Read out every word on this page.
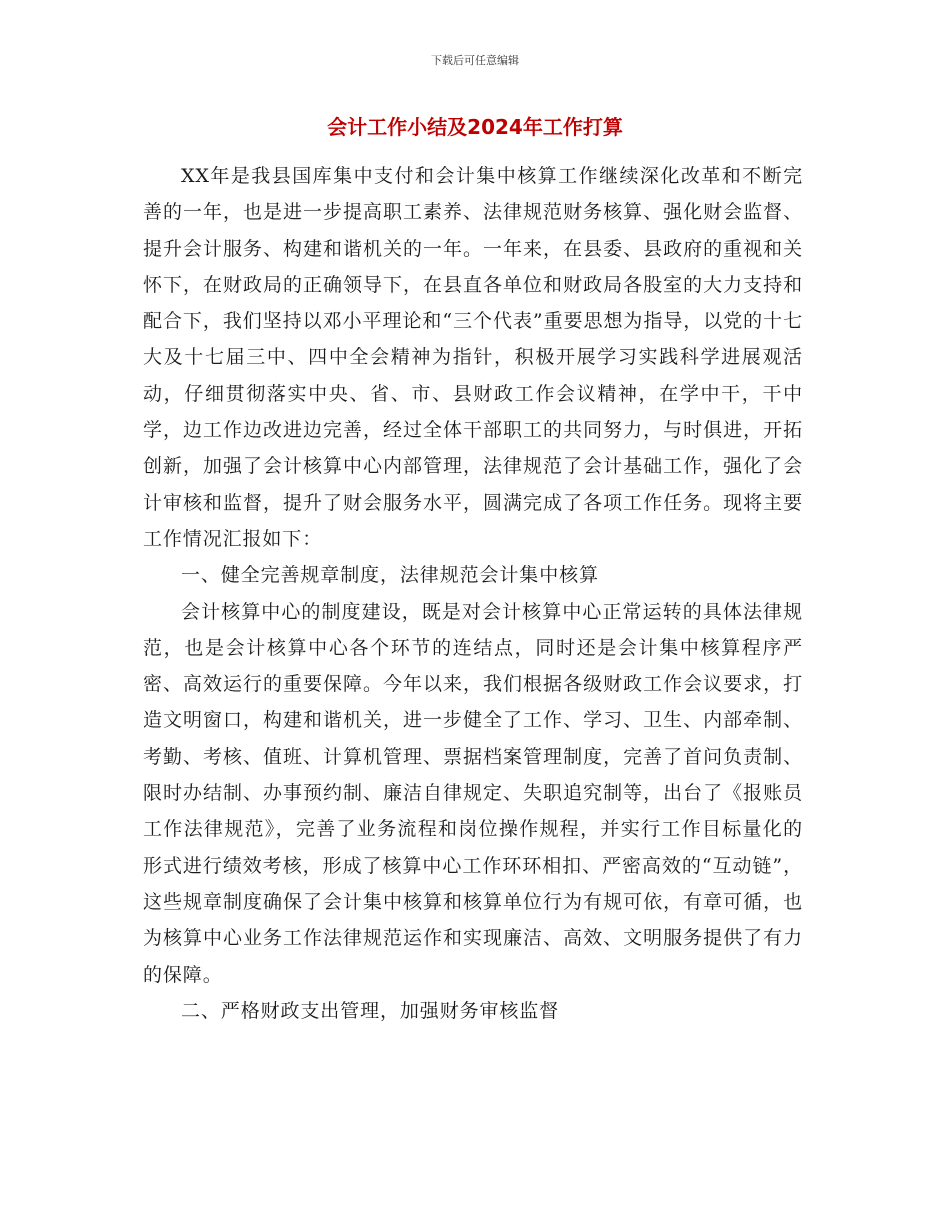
下载后可任意编辑
会计工作小结及2024年工作打算

XX年是我县国库集中支付和会计集中核算工作继续深化改革和不断完善的一年，也是进一步提高职工素养、法律规范财务核算、强化财会监督、提升会计服务、构建和谐机关的一年。一年来，在县委、县政府的重视和关怀下，在财政局的正确领导下，在县直各单位和财政局各股室的大力支持和配合下，我们坚持以邓小平理论和“三个代表”重要思想为指导，以党的十七大及十七届三中、四中全会精神为指针，积极开展学习实践科学进展观活动，仔细贯彻落实中央、省、市、县财政工作会议精神，在学中干，干中学，边工作边改进边完善，经过全体干部职工的共同努力，与时俱进，开拓创新，加强了会计核算中心内部管理，法律规范了会计基础工作，强化了会计审核和监督，提升了财会服务水平，圆满完成了各项工作任务。现将主要工作情况汇报如下：

一、健全完善规章制度，法律规范会计集中核算

会计核算中心的制度建设，既是对会计核算中心正常运转的具体法律规范，也是会计核算中心各个环节的连结点，同时还是会计集中核算程序严密、高效运行的重要保障。今年以来，我们根据各级财政工作会议要求，打造文明窗口，构建和谐机关，进一步健全了工作、学习、卫生、内部牵制、考勤、考核、值班、计算机管理、票据档案管理制度，完善了首问负责制、限时办结制、办事预约制、廉洁自律规定、失职追究制等，出台了《报账员工作法律规范》，完善了业务流程和岗位操作规程，并实行工作目标量化的形式进行绩效考核，形成了核算中心工作环环相扣、严密高效的“互动链”，这些规章制度确保了会计集中核算和核算单位行为有规可依，有章可循，也为核算中心业务工作法律规范运作和实现廉洁、高效、文明服务提供了有力的保障。

二、严格财政支出管理，加强财务审核监督
